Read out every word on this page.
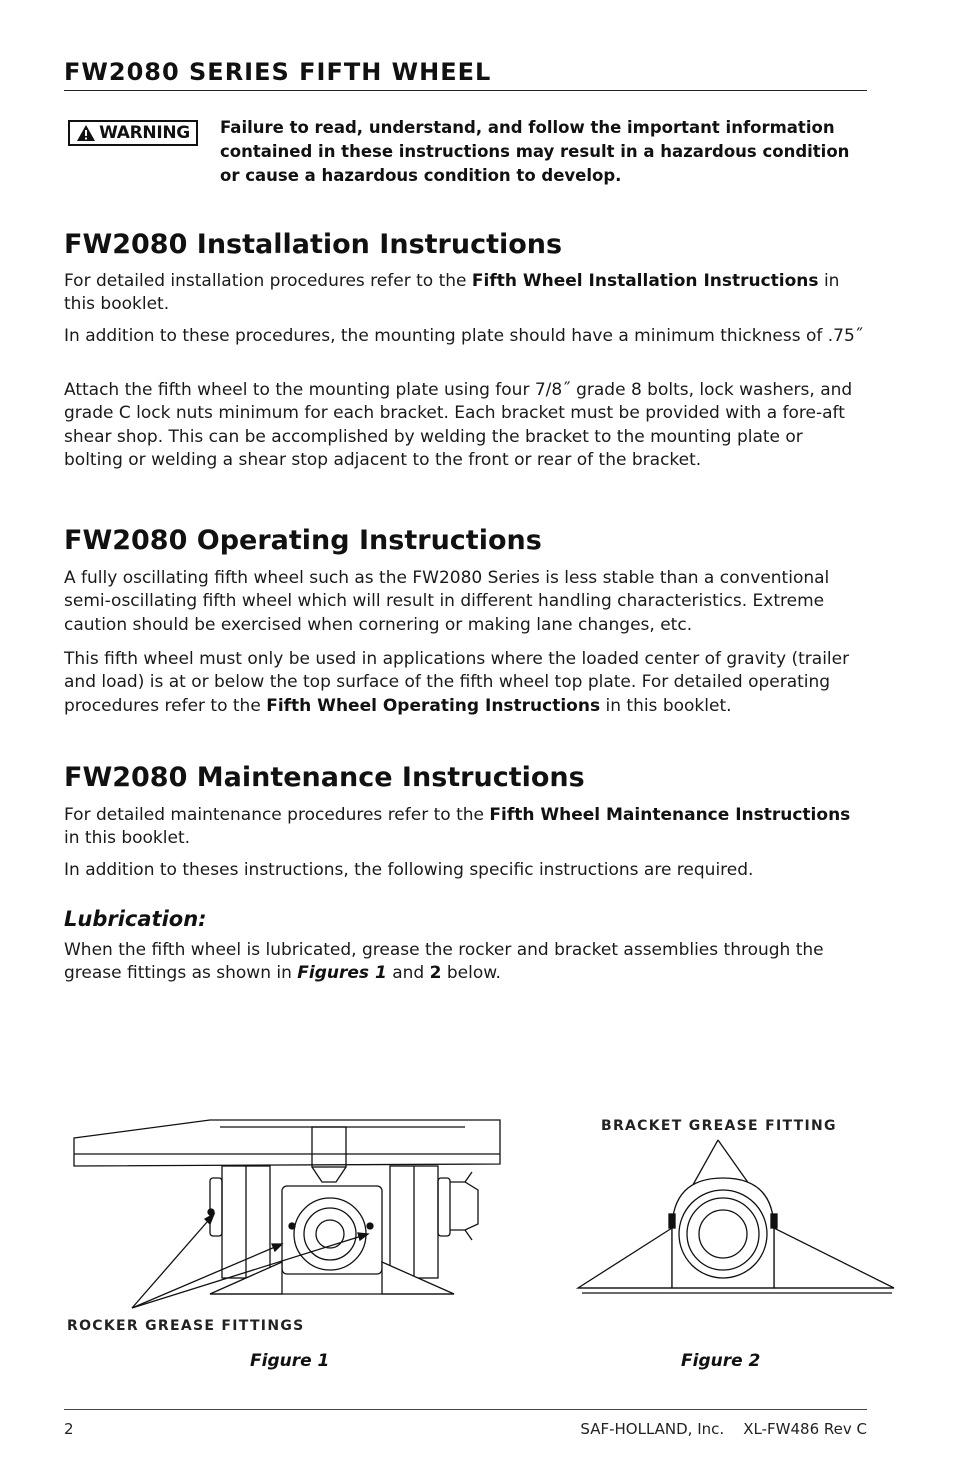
FW2080 SERIES FIFTH WHEEL
WARNING Failure to read, understand, and follow the important information contained in these instructions may result in a hazardous condition or cause a hazardous condition to develop.
FW2080 Installation Instructions

For detailed installation procedures refer to the Fifth Wheel Installation Instructions in this booklet.

In addition to these procedures, the mounting plate should have a minimum thickness of .75˝

Attach the fifth wheel to the mounting plate using four 7/8˝ grade 8 bolts, lock washers, and grade C lock nuts minimum for each bracket. Each bracket must be provided with a fore-aft shear shop. This can be accomplished by welding the bracket to the mounting plate or bolting or welding a shear stop adjacent to the front or rear of the bracket.

FW2080 Operating Instructions

A fully oscillating fifth wheel such as the FW2080 Series is less stable than a conventional semi-oscillating fifth wheel which will result in different handling characteristics. Extreme caution should be exercised when cornering or making lane changes, etc.

This fifth wheel must only be used in applications where the loaded center of gravity (trailer and load) is at or below the top surface of the fifth wheel top plate. For detailed operating procedures refer to the Fifth Wheel Operating Instructions in this booklet.

FW2080 Maintenance Instructions

For detailed maintenance procedures refer to the Fifth Wheel Maintenance Instructions in this booklet.

In addition to theses instructions, the following specific instructions are required.

Lubrication:

When the fifth wheel is lubricated, grease the rocker and bracket assemblies through the grease fittings as shown in Figures 1 and 2 below.

ROCKER GREASE FITTINGS
Figure 1
BRACKET GREASE FITTING
Figure 2
2	SAF-HOLLAND, Inc. XL-FW486 Rev C
